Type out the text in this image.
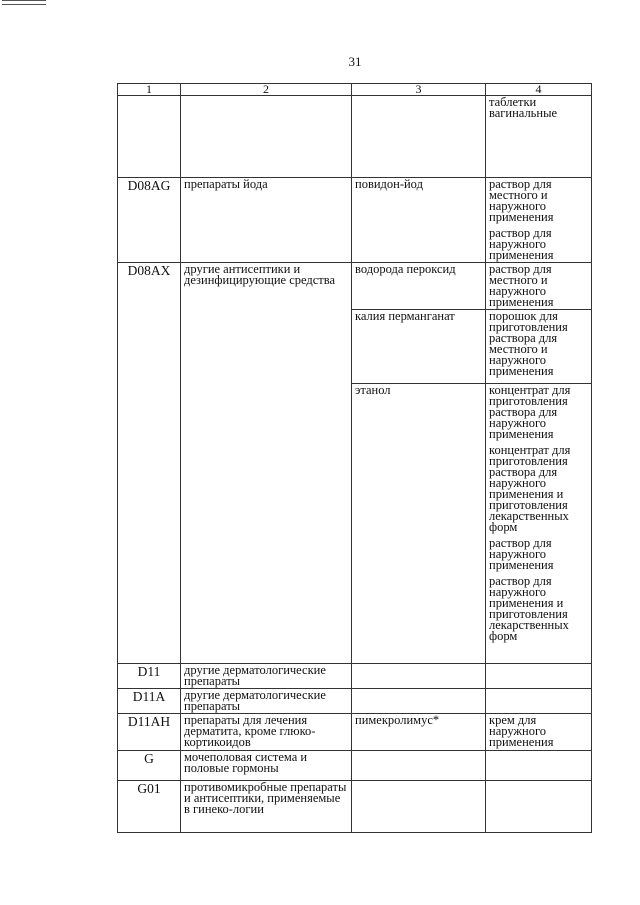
31
1	2	3	4

			таблетки вагинальные

D08AG	препараты йода	повидон-йод	раствор для местного и наружного применения
раствор для наружного применения

D08AX	другие антисептики и дезинфицирующие средства	водорода пероксид	раствор для местного и наружного применения

		калия перманганат	порошок для приготовления раствора для местного и наружного применения

		этанол	концентрат для приготовления раствора для наружного применения
концентрат для приготовления раствора для наружного применения и приготовления лекарственных форм
раствор для наружного применения
раствор для наружного применения и приготовления лекарственных форм

D11	другие дерматологические препараты		
D11A	другие дерматологические препараты		
D11AH	препараты для лечения дерматита, кроме глюко-кортикоидов	пимекролимус*	крем для наружного применения

G	мочеполовая система и половые гормоны		
G01	противомикробные препараты и антисептики, применяемые в гинеко-логии		
